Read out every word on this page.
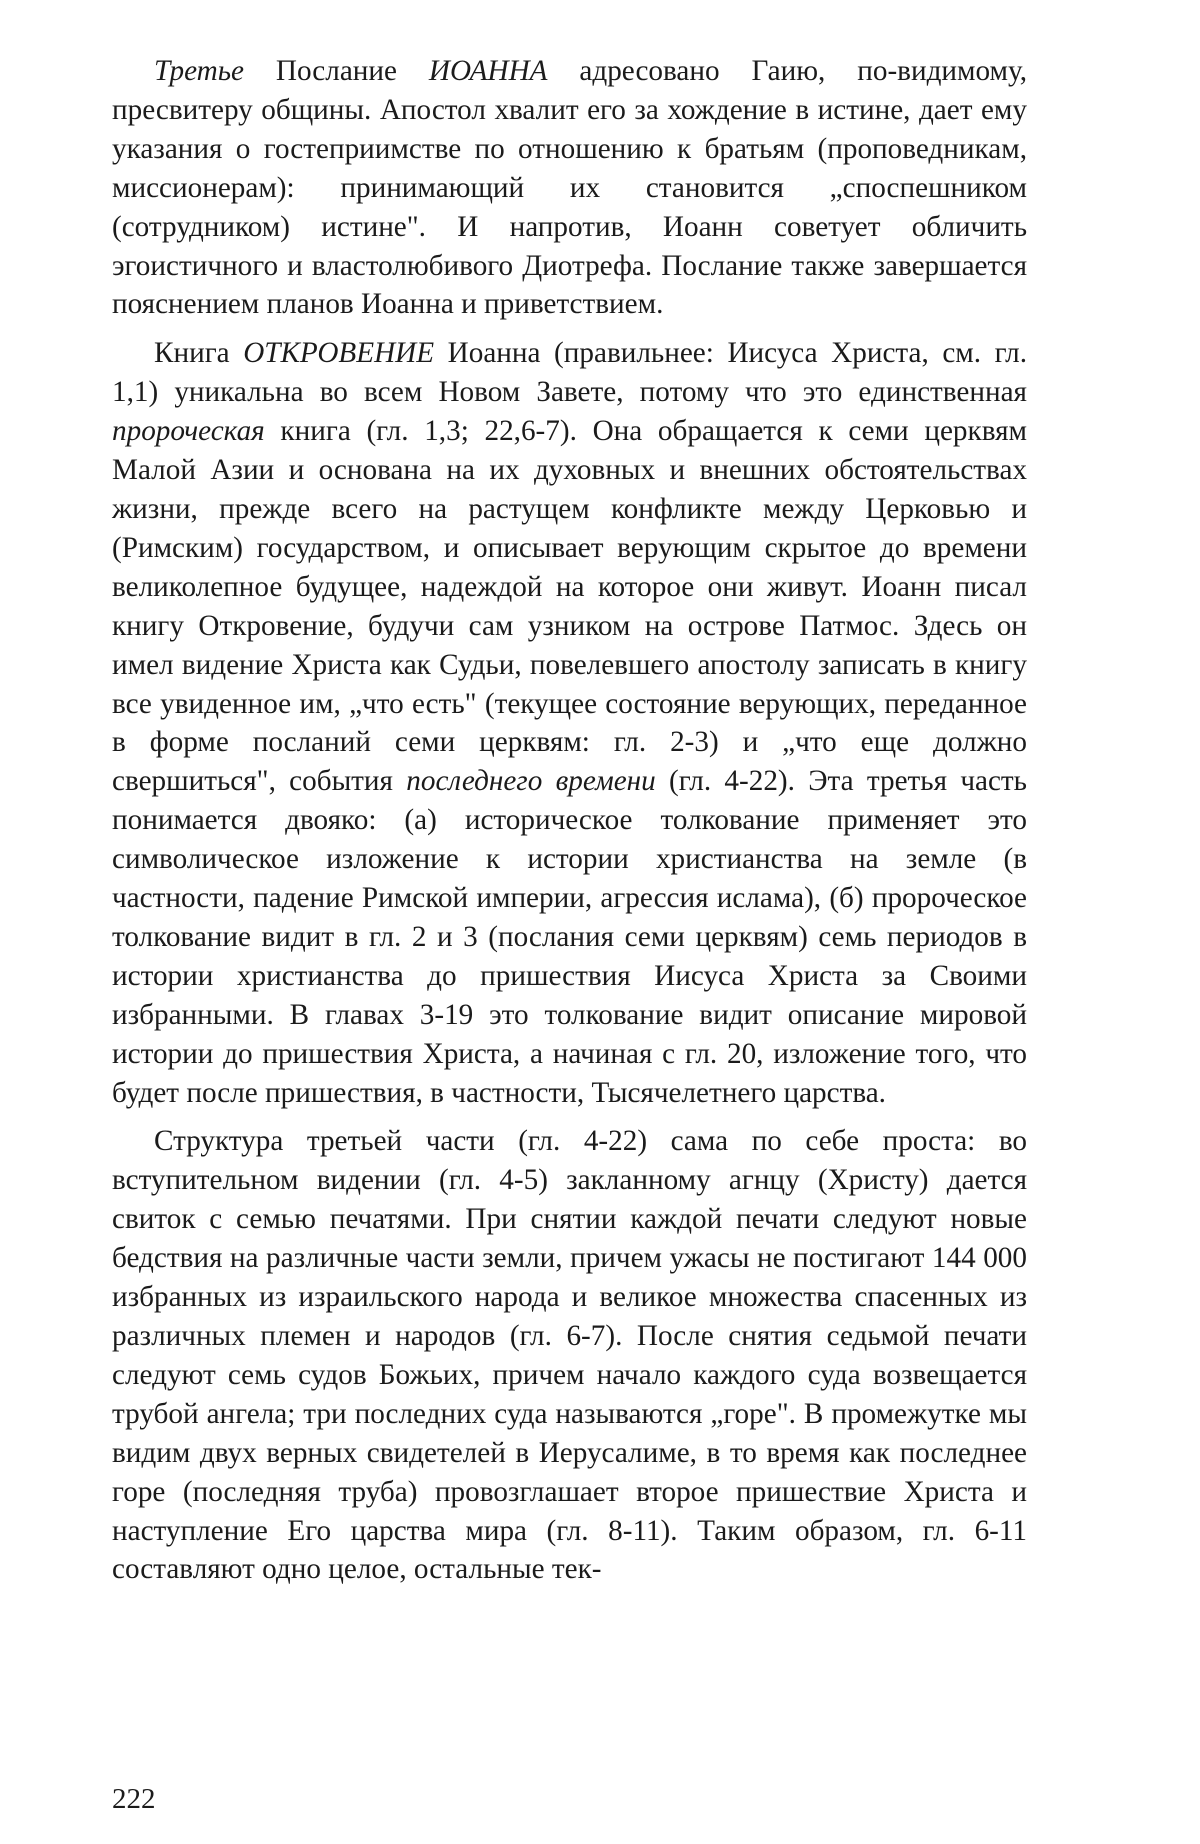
Третье Послание ИОАННА адресовано Гаию, по-видимому, пресвитеру общины. Апостол хвалит его за хождение в истине, дает ему указания о гостеприимстве по отношению к братьям (проповедникам, миссионерам): принимающий их становится „споспешником (сотрудником) истине". И напротив, Иоанн советует обличить эгоистичного и властолюбивого Диотрефа. Послание также завершается пояснением планов Иоанна и приветствием.

Книга ОТКРОВЕНИЕ Иоанна (правильнее: Иисуса Христа, см. гл. 1,1) уникальна во всем Новом Завете, потому что это единственная пророческая книга (гл. 1,3; 22,6-7). Она обращается к семи церквям Малой Азии и основана на их духовных и внешних обстоятельствах жизни, прежде всего на растущем конфликте между Церковью и (Римским) государством, и описывает верующим скрытое до времени великолепное будущее, надеждой на которое они живут. Иоанн писал книгу Откровение, будучи сам узником на острове Патмос. Здесь он имел видение Христа как Судьи, повелевшего апостолу записать в книгу все увиденное им, „что есть" (текущее состояние верующих, переданное в форме посланий семи церквям: гл. 2-3) и „что еще должно свершиться", события последнего времени (гл. 4-22). Эта третья часть понимается двояко: (а) историческое толкование применяет это символическое изложение к истории христианства на земле (в частности, падение Римской империи, агрессия ислама), (б) пророческое толкование видит в гл. 2 и 3 (послания семи церквям) семь периодов в истории христианства до пришествия Иисуса Христа за Своими избранными. В главах 3-19 это толкование видит описание мировой истории до пришествия Христа, а начиная с гл. 20, изложение того, что будет после пришествия, в частности, Тысячелетнего царства.

Структура третьей части (гл. 4-22) сама по себе проста: во вступительном видении (гл. 4-5) закланному агнцу (Христу) дается свиток с семью печатями. При снятии каждой печати следуют новые бедствия на различные части земли, причем ужасы не постигают 144 000 избранных из израильского народа и великое множества спасенных из различных племен и народов (гл. 6-7). После снятия седьмой печати следуют семь судов Божьих, причем начало каждого суда возвещается трубой ангела; три последних суда называются „горе". В промежутке мы видим двух верных свидетелей в Иерусалиме, в то время как последнее горе (последняя труба) провозглашает второе пришествие Христа и наступление Его царства мира (гл. 8-11). Таким образом, гл. 6-11 составляют одно целое, остальные тек-

222
